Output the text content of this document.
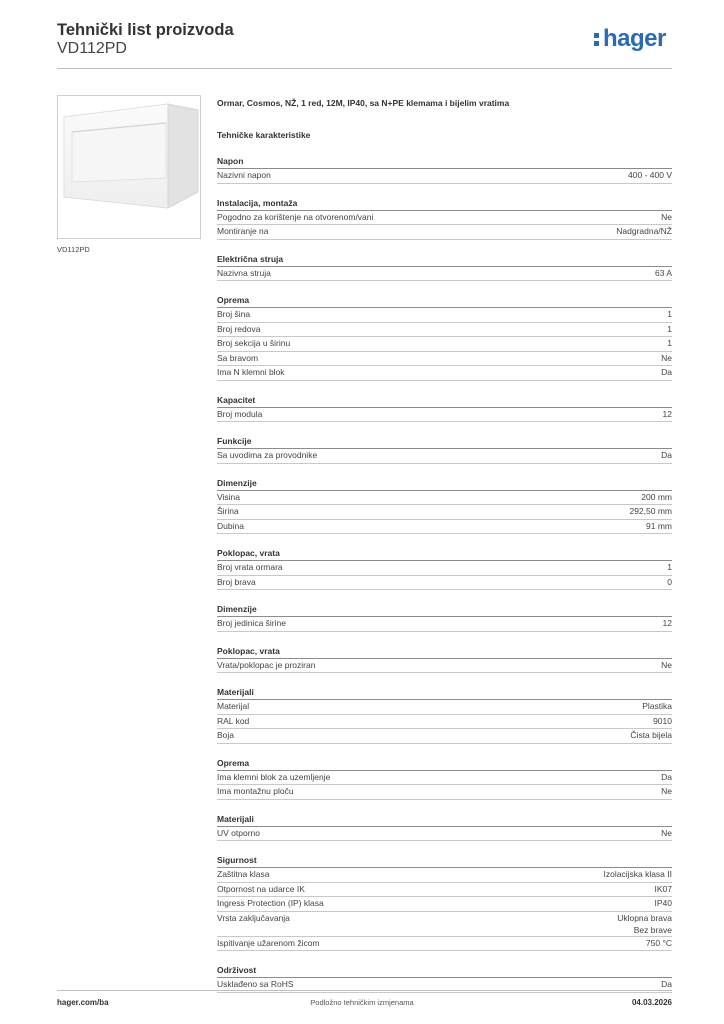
Tehnički list proizvoda
VD112PD	hager
VD112PD
Ormar, Cosmos, NŽ, 1 red, 12M, IP40, sa N+PE klemama i bijelim vratima
Tehničke karakteristike
Napon
Nazivni napon	400 - 400 V
Instalacija, montaža
Pogodno za korištenje na otvorenom/vani	Ne
Montiranje na	Nadgradna/NŽ
Električna struja
Nazivna struja	63 A
Oprema
Broj šina	1
Broj redova	1
Broj sekcija u širinu	1
Sa bravom	Ne
Ima N klemni blok	Da
Kapacitet
Broj modula	12
Funkcije
Sa uvodima za provodnike	Da
Dimenzije
Visina	200 mm
Širina	292,50 mm
Dubina	91 mm
Poklopac, vrata
Broj vrata ormara	1
Broj brava	0
Dimenzije
Broj jedinica širine	12
Poklopac, vrata
Vrata/poklopac je proziran	Ne
Materijali
Materijal	Plastika
RAL kod	9010
Boja	Čista bijela
Oprema
Ima klemni blok za uzemljenje	Da
Ima montažnu ploču	Ne
Materijali
UV otporno	Ne
Sigurnost
Zaštitna klasa	Izolacijska klasa II
Otpornost na udarce IK	IK07
Ingress Protection (IP) klasa	IP40
Vrsta zaključavanja	Uklopna brava
Bez brave
Ispitivanje užarenom žicom	750 °C
Održivost
Usklađeno sa RoHS	Da
hager.com/ba	Podložno tehničkim izmjenama	04.03.2026
